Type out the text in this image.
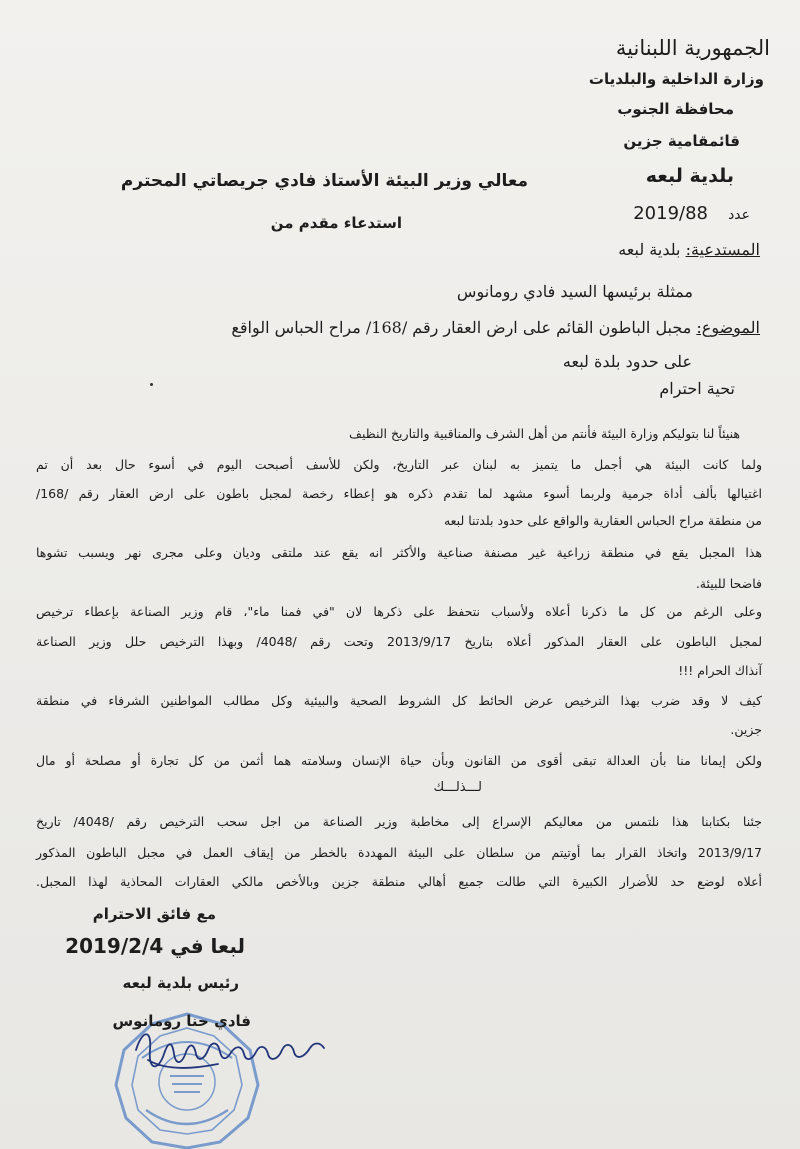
الجمهورية اللبنانية
وزارة الداخلية والبلديات
محافظة الجنوب
قائمقامية جزين
بلدية لبعه
عدد
2019/88
معالي وزير البيئة الأستاذ فادي جريصاتي المحترم
استدعاء مقدم من
المستدعية: بلدية لبعه
ممثلة برئيسها السيد فادي رومانوس
الموضوع: مجبل الباطون القائم على ارض العقار رقم /168/ مراح الحباس الواقع
على حدود بلدة لبعه
تحية احترام
هنيئاً لنا بتوليكم وزارة البيئة فأنتم من أهل الشرف والمناقبية والتاريخ النظيف
ولما كانت البيئة هي أجمل ما يتميز به لبنان عبر التاريخ، ولكن للأسف أصبحت اليوم في أسوء حال بعد أن تم
اغتيالها بألف أداة جرمية ولربما أسوء مشهد لما تقدم ذكره هو إعطاء رخصة لمجبل باطون على ارض العقار رقم /168/
من منطقة مراح الحباس العقارية والواقع على حدود بلدتنا لبعه
هذا المجبل يقع في منطقة زراعية غير مصنفة صناعية والأكثر انه يقع عند ملتقى وديان وعلى مجرى نهر ويسبب تشوها
فاضحا للبيئة.
وعلى الرغم من كل ما ذكرنا أعلاه ولأسباب نتحفظ على ذكرها لان "في فمنا ماء"، قام وزير الصناعة بإعطاء ترخيص
لمجبل الباطون على العقار المذكور أعلاه بتاريخ 2013/9/17 وتحت رقم /4048/ وبهذا الترخيص حلل وزير الصناعة
آنذاك الحرام !!!
كيف لا وقد ضرب بهذا الترخيص عرض الحائط كل الشروط الصحية والبيئية وكل مطالب المواطنين الشرفاء في منطقة
جزين.
ولكن إيمانا منا بأن العدالة تبقى أقوى من القانون وبأن حياة الإنسان وسلامته هما أثمن من كل تجارة أو مصلحة أو مال
لـــذلـــك
جئنا بكتابنا هذا نلتمس من معاليكم الإسراع إلى مخاطبة وزير الصناعة من اجل سحب الترخيص رقم /4048/ تاريخ
2013/9/17 واتخاذ القرار بما أوتيتم من سلطان على البيئة المهددة بالخطر من إيقاف العمل في مجبل الباطون المذكور
أعلاه لوضع حد للأضرار الكبيرة التي طالت جميع أهالي منطقة جزين وبالأخص مالكي العقارات المحاذية لهذا المجبل.
مع فائق الاحترام
لبعا في 2019/2/4
رئيس بلدية لبعه
فادي حنا رومانوس
